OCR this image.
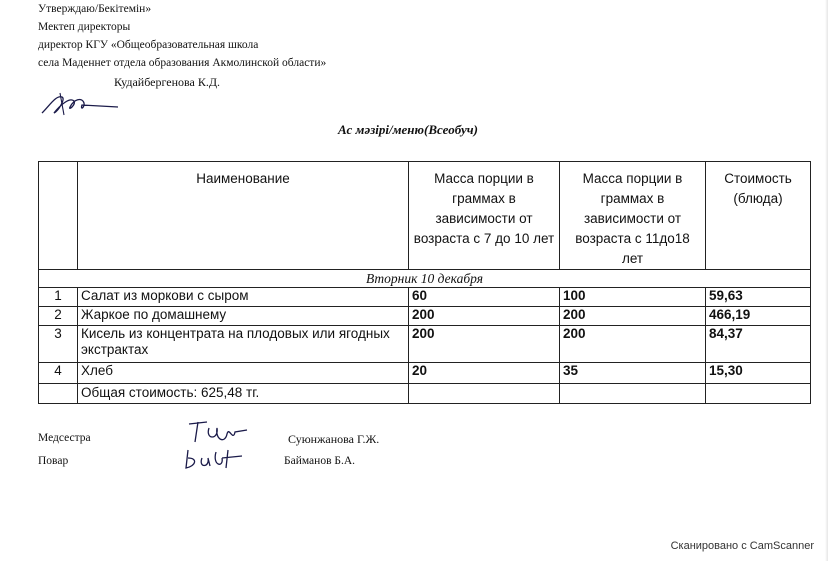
Утверждаю/Бекітемін»
Мектеп директоры
директор КГУ «Общеобразовательная школа
села Маденнет отдела образования Акмолинской области»
Кудайбергенова К.Д.
Ас мәзірі/меню(Всеобуч)
	Наименование	Масса порции в граммах в зависимости от возраста с 7 до 10 лет	Масса порции в граммах в зависимости от возраста с 11до18 лет	Стоимость (блюда)
Вторник 10 декабря				
1	Салат из моркови с сыром	60	100	59,63
2	Жаркое по домашнему	200	200	466,19
3	Кисель из концентрата на плодовых или ягодных экстрактах	200	200	84,37
4	Хлеб	20	35	15,30
	Общая стоимость: 625,48 тг.			
Медсестра	Суюнжанова Г.Ж.
Повар	Байманов Б.А.
Сканировано с CamScanner
